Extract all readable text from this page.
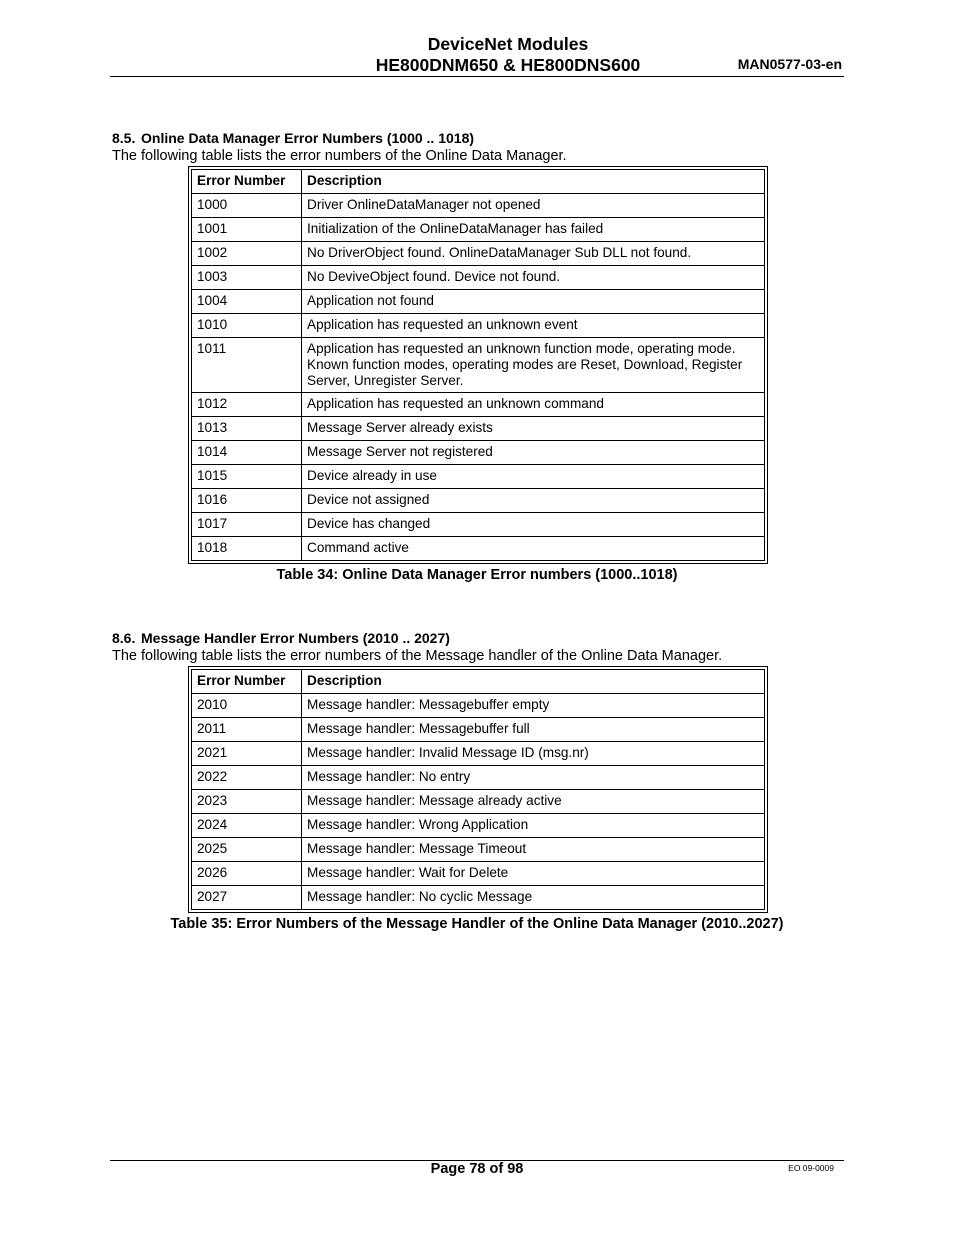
DeviceNet Modules
HE800DNM650 & HE800DNS600	MAN0577-03-en
8.5. Online Data Manager Error Numbers (1000 .. 1018)
The following table lists the error numbers of the Online Data Manager.
Error Number	Description
1000	Driver OnlineDataManager not opened
1001	Initialization of the OnlineDataManager has failed
1002	No DriverObject found. OnlineDataManager Sub DLL not found.
1003	No DeviveObject found. Device not found.
1004	Application not found
1010	Application has requested an unknown event
1011	Application has requested an unknown function mode, operating mode. Known function modes, operating modes are Reset, Download, Register Server, Unregister Server.
1012	Application has requested an unknown command
1013	Message Server already exists
1014	Message Server not registered
1015	Device already in use
1016	Device not assigned
1017	Device has changed
1018	Command active
Table 34: Online Data Manager Error numbers (1000..1018)
8.6. Message Handler Error Numbers (2010 .. 2027)
The following table lists the error numbers of the Message handler of the Online Data Manager.
Error Number	Description
2010	Message handler: Messagebuffer empty
2011	Message handler: Messagebuffer full
2021	Message handler: Invalid Message ID (msg.nr)
2022	Message handler: No entry
2023	Message handler: Message already active
2024	Message handler: Wrong Application
2025	Message handler: Message Timeout
2026	Message handler: Wait for Delete
2027	Message handler: No cyclic Message
Table 35: Error Numbers of the Message Handler of the Online Data Manager (2010..2027)
Page 78 of 98	EO 09-0009
